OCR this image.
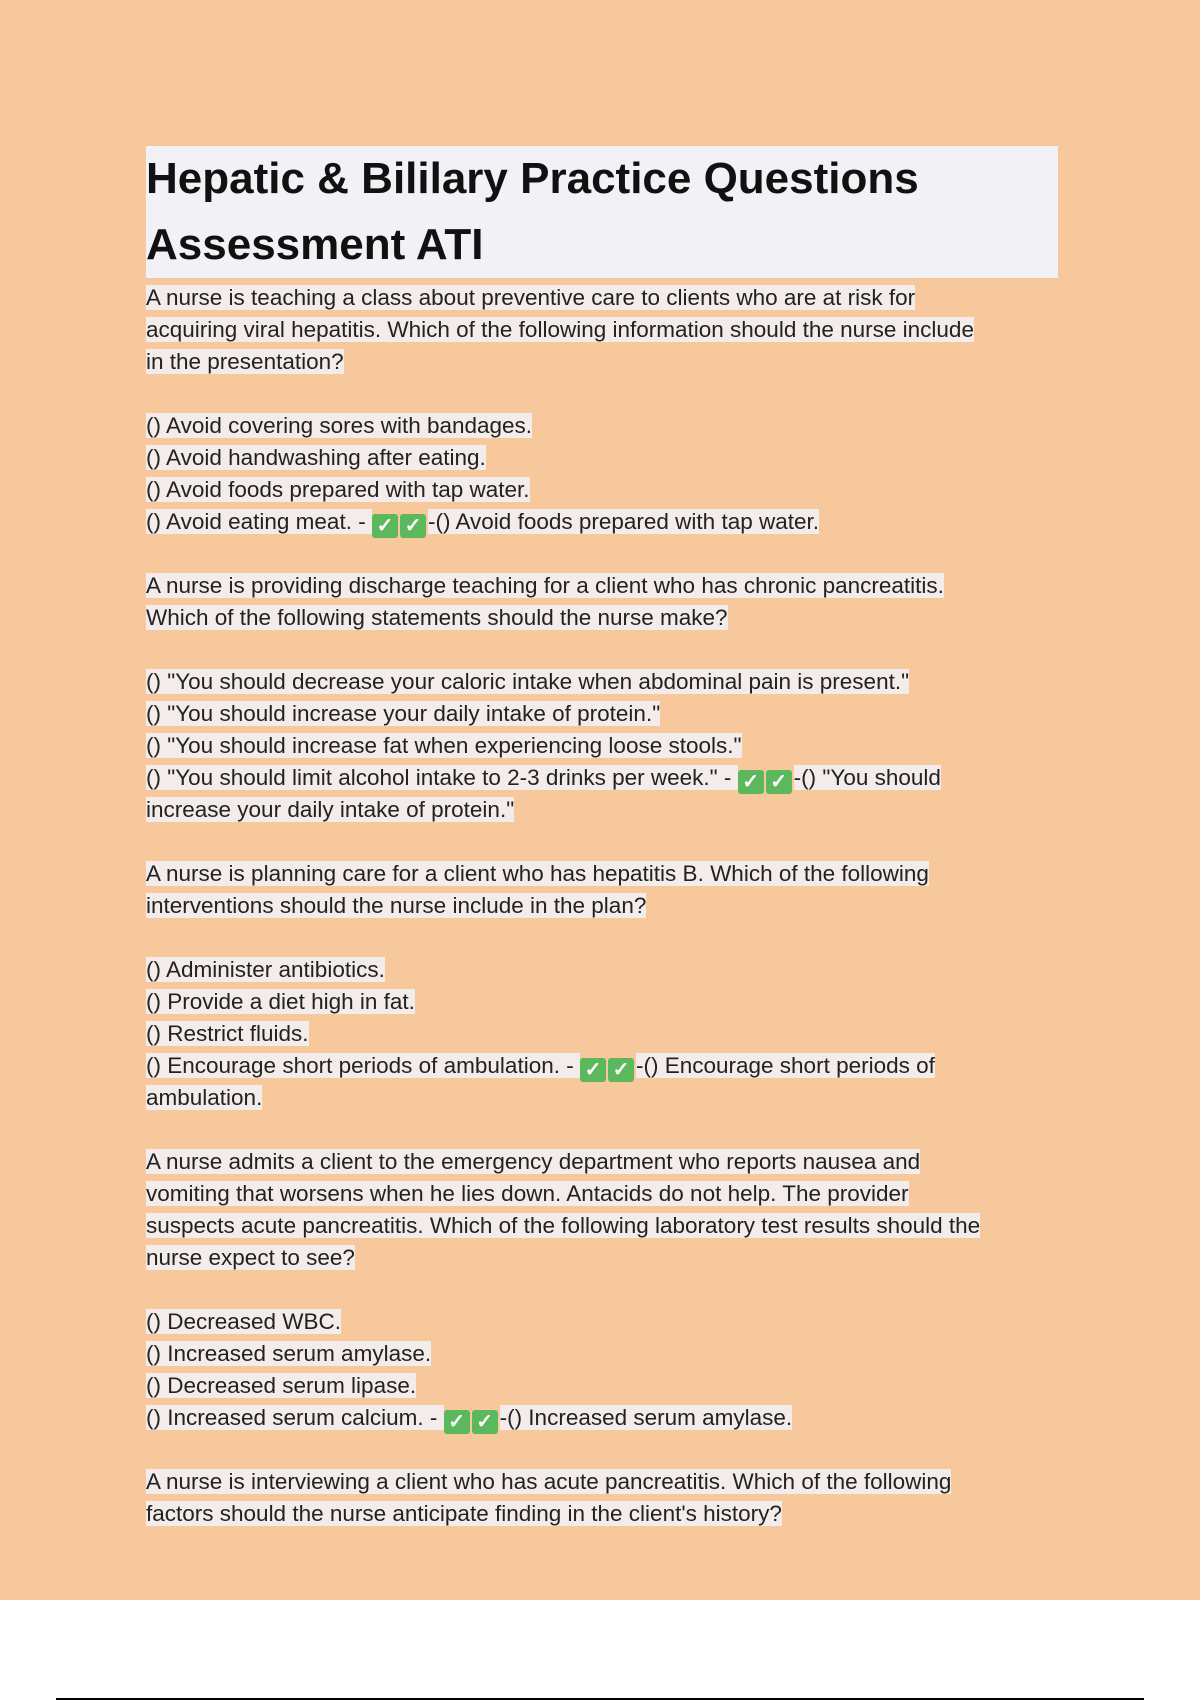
Hepatic & Bililary Practice Questions
Assessment ATI
A nurse is teaching a class about preventive care to clients who are at risk for
acquiring viral hepatitis. Which of the following information should the nurse include
in the presentation?
() Avoid covering sores with bandages.
() Avoid handwashing after eating.
() Avoid foods prepared with tap water.
() Avoid eating meat. - ✓ ✓ -() Avoid foods prepared with tap water.
A nurse is providing discharge teaching for a client who has chronic pancreatitis.
Which of the following statements should the nurse make?
() "You should decrease your caloric intake when abdominal pain is present."
() "You should increase your daily intake of protein."
() "You should increase fat when experiencing loose stools."
() "You should limit alcohol intake to 2-3 drinks per week." - ✓ ✓ -() "You should
increase your daily intake of protein."
A nurse is planning care for a client who has hepatitis B. Which of the following
interventions should the nurse include in the plan?
() Administer antibiotics.
() Provide a diet high in fat.
() Restrict fluids.
() Encourage short periods of ambulation. - ✓ ✓ -() Encourage short periods of
ambulation.
A nurse admits a client to the emergency department who reports nausea and
vomiting that worsens when he lies down. Antacids do not help. The provider
suspects acute pancreatitis. Which of the following laboratory test results should the
nurse expect to see?
() Decreased WBC.
() Increased serum amylase.
() Decreased serum lipase.
() Increased serum calcium. - ✓ ✓ -() Increased serum amylase.
A nurse is interviewing a client who has acute pancreatitis. Which of the following
factors should the nurse anticipate finding in the client's history?
